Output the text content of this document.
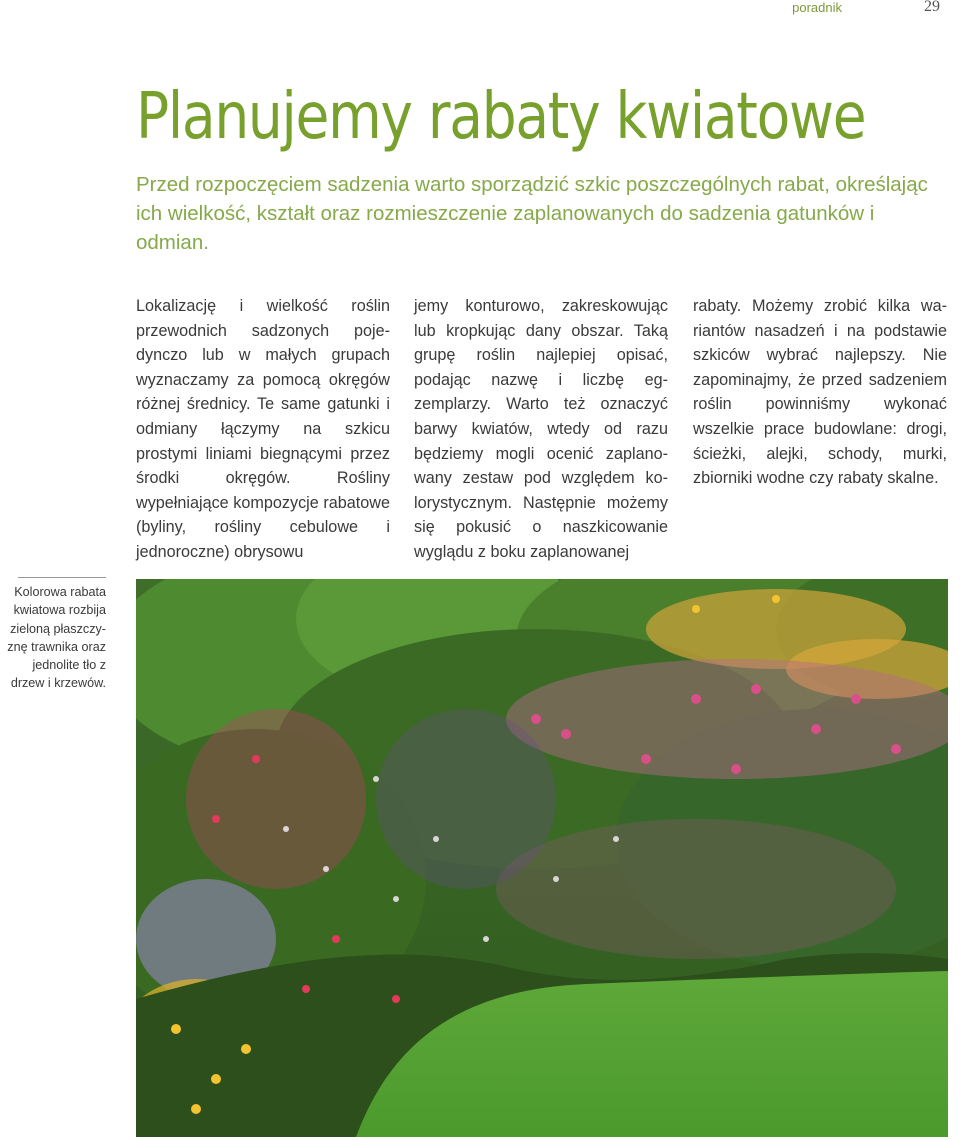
poradnik	29
Planujemy rabaty kwiatowe

Przed rozpoczęciem sadzenia warto sporządzić szkic poszczególnych rabat, określając ich wielkość, kształt oraz rozmieszczenie zaplanowanych do sadzenia gatunków i odmian.

Lokalizację i wielkość roślin przewodnich sadzonych pojedynczo lub w małych grupach wyznaczamy za pomocą okręgów różnej średnicy. Te same gatunki i odmiany łączymy na szkicu prostymi liniami biegnącymi przez środki okręgów. Rośliny wypełniające kompozycje rabatowe (byliny, rośliny cebulowe i jednoroczne) obrysowu

jemy konturowo, zakreskowując lub kropkując dany obszar. Taką grupę roślin najlepiej opisać, podając nazwę i liczbę egzemplarzy. Warto też oznaczyć barwy kwiatów, wtedy od razu będziemy mogli ocenić zaplanowany zestaw pod względem kolorystycznym. Następnie możemy się pokusić o naszkicowanie wyglądu z boku zaplanowanej

rabaty. Możemy zrobić kilka wariantów nasadzeń i na podstawie szkiców wybrać najlepszy. Nie zapominajmy, że przed sadzeniem roślin powinniśmy wykonać wszelkie prace budowlane: drogi, ścieżki, alejki, schody, murki, zbiorniki wodne czy rabaty skalne.

Kolorowa rabata kwiatowa rozbija zieloną płaszczyznę trawnika oraz jednolite tło z drzew i krzewów.
